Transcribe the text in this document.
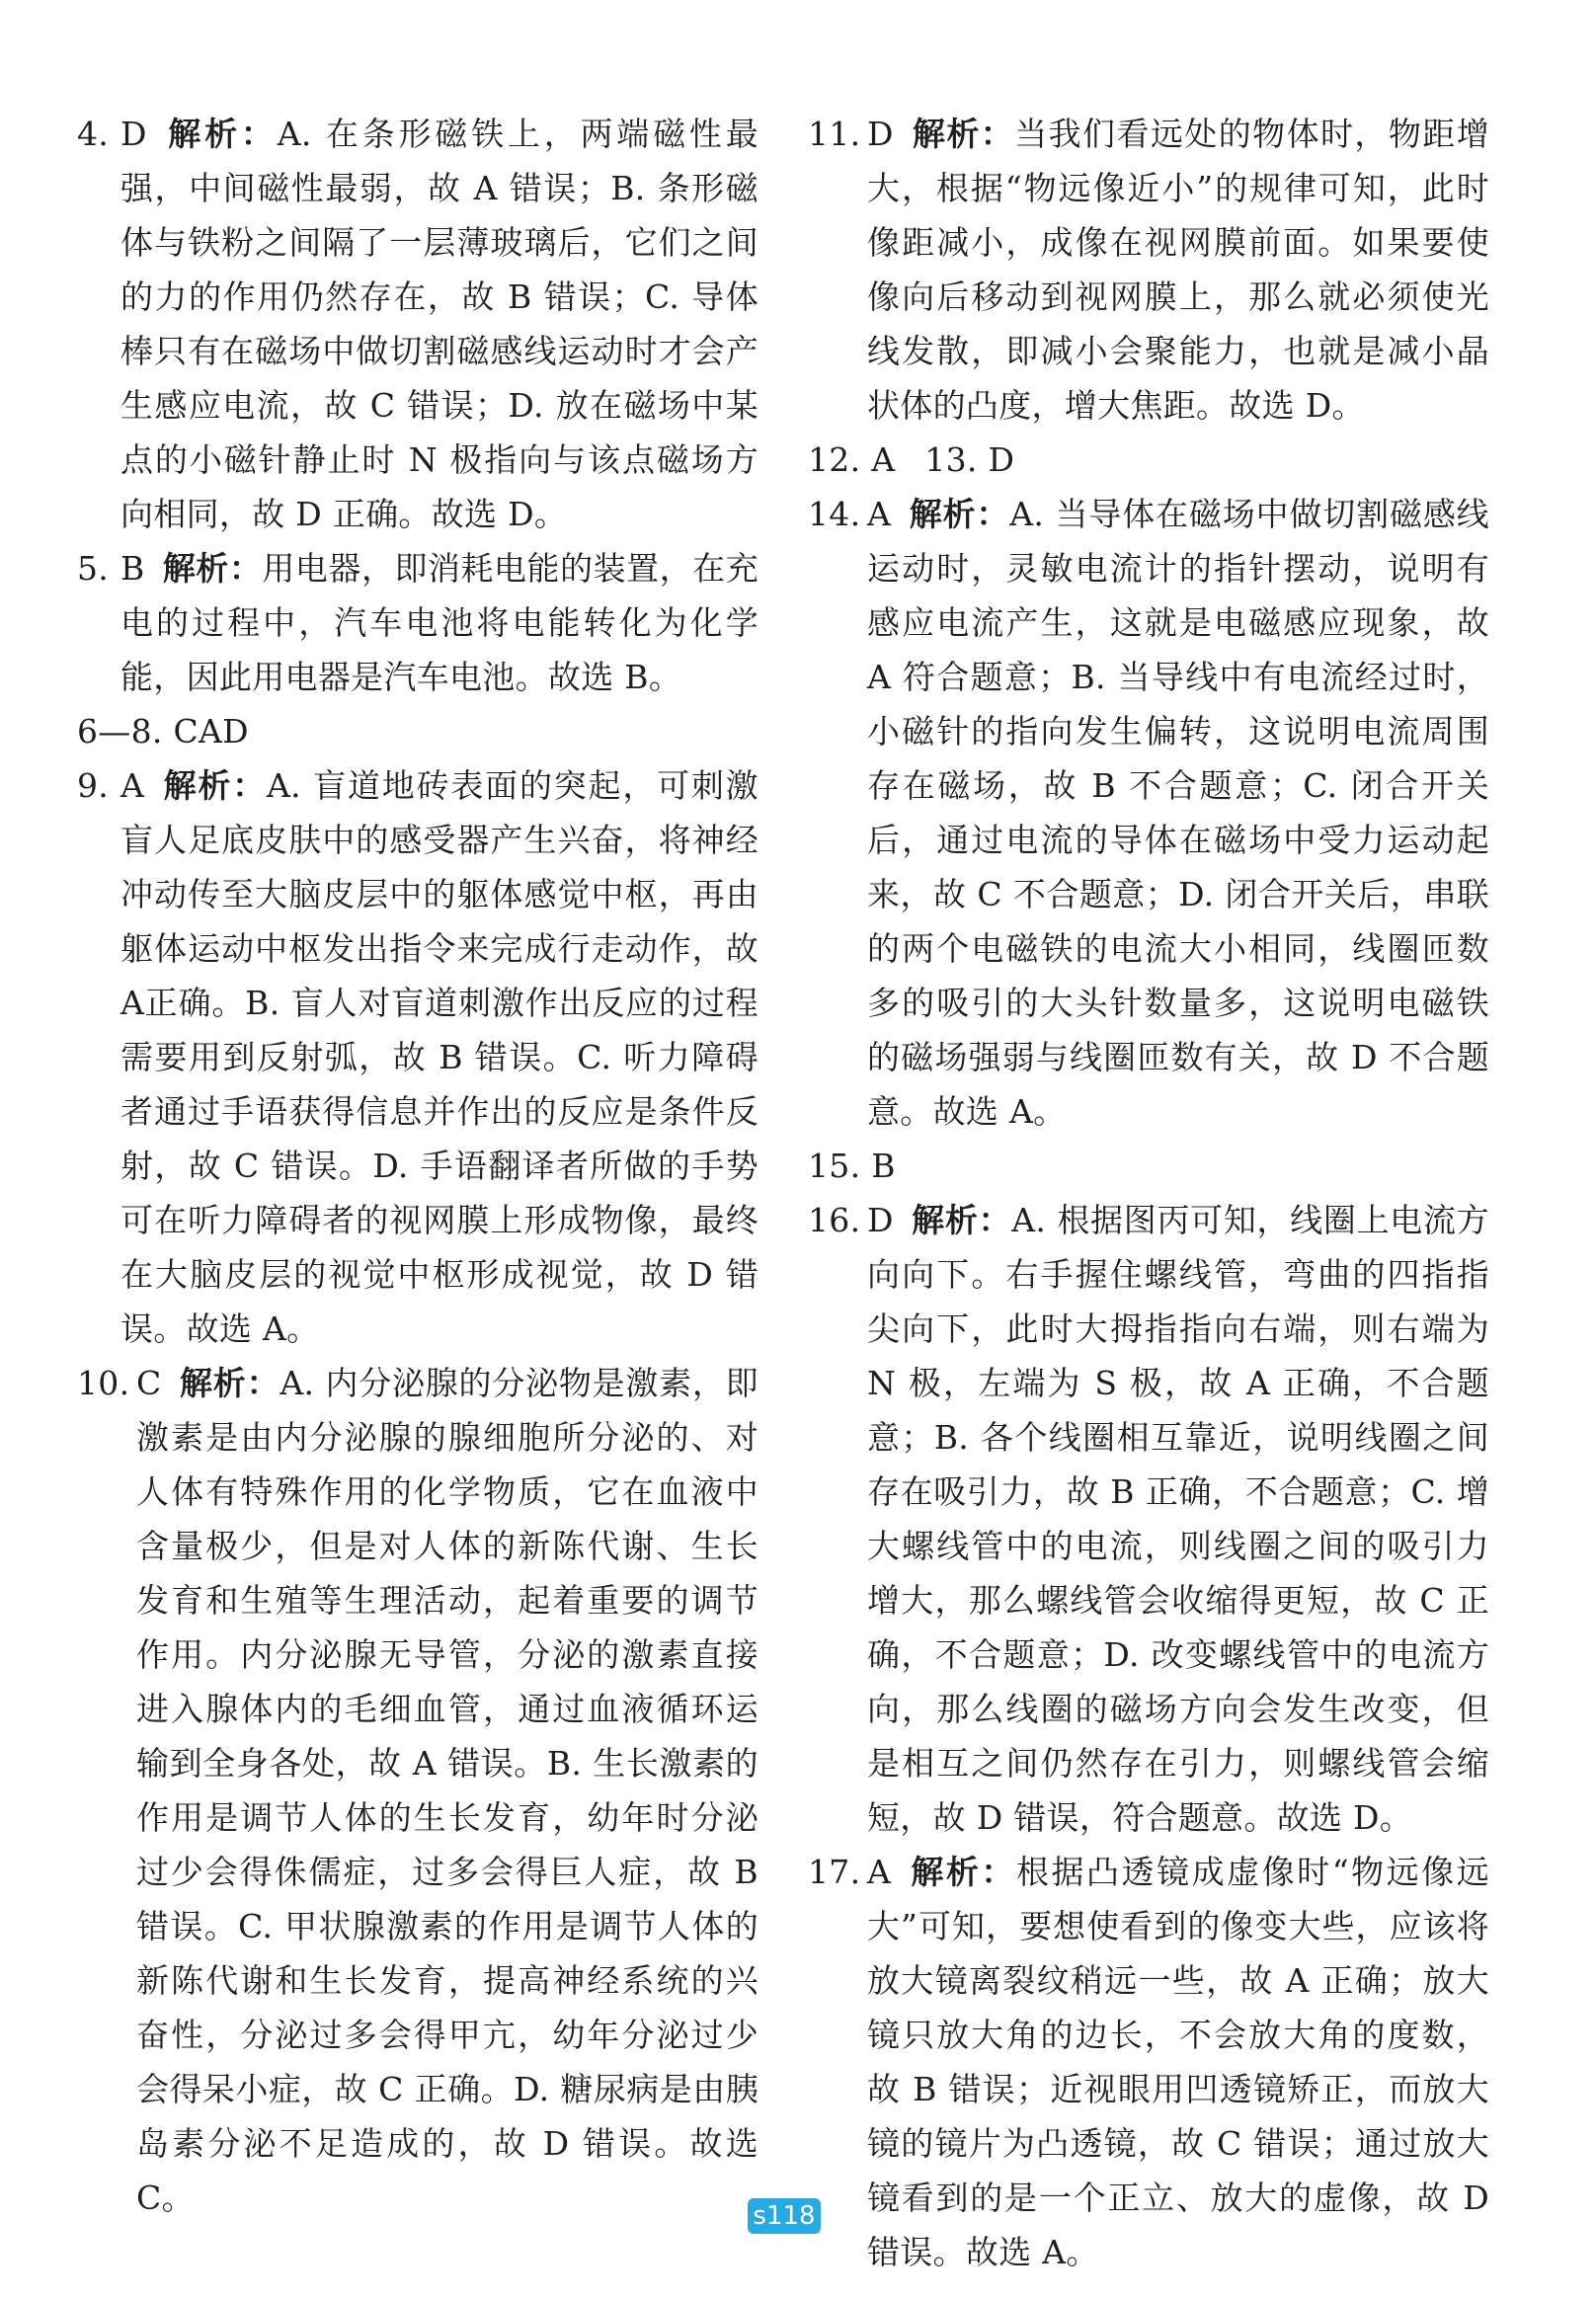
4. D 解析：A. 在条形磁铁上，两端磁性最强，中间磁性最弱，故 A 错误；B. 条形磁体与铁粉之间隔了一层薄玻璃后，它们之间的力的作用仍然存在，故 B 错误；C. 导体棒只有在磁场中做切割磁感线运动时才会产生感应电流，故 C 错误；D. 放在磁场中某点的小磁针静止时 N 极指向与该点磁场方向相同，故 D 正确。故选 D。

5. B 解析：用电器，即消耗电能的装置，在充电的过程中，汽车电池将电能转化为化学能，因此用电器是汽车电池。故选 B。

6—8. CAD

9. A 解析：A. 盲道地砖表面的突起，可刺激盲人足底皮肤中的感受器产生兴奋，将神经冲动传至大脑皮层中的躯体感觉中枢，再由躯体运动中枢发出指令来完成行走动作，故A正确。B. 盲人对盲道刺激作出反应的过程需要用到反射弧，故 B 错误。C. 听力障碍者通过手语获得信息并作出的反应是条件反射，故 C 错误。D. 手语翻译者所做的手势可在听力障碍者的视网膜上形成物像，最终在大脑皮层的视觉中枢形成视觉，故 D 错误。故选 A。

10. C 解析：A. 内分泌腺的分泌物是激素，即激素是由内分泌腺的腺细胞所分泌的、对人体有特殊作用的化学物质，它在血液中含量极少，但是对人体的新陈代谢、生长发育和生殖等生理活动，起着重要的调节作用。内分泌腺无导管，分泌的激素直接进入腺体内的毛细血管，通过血液循环运输到全身各处，故 A 错误。B. 生长激素的作用是调节人体的生长发育，幼年时分泌过少会得侏儒症，过多会得巨人症，故 B 错误。C. 甲状腺激素的作用是调节人体的新陈代谢和生长发育，提高神经系统的兴奋性，分泌过多会得甲亢，幼年分泌过少会得呆小症，故 C 正确。D. 糖尿病是由胰岛素分泌不足造成的，故 D 错误。故选 C。

11. D 解析：当我们看远处的物体时，物距增大，根据“物远像近小”的规律可知，此时像距减小，成像在视网膜前面。如果要使像向后移动到视网膜上，那么就必须使光线发散，即减小会聚能力，也就是减小晶状体的凸度，增大焦距。故选 D。

12. A 13. D

14. A 解析：A. 当导体在磁场中做切割磁感线运动时，灵敏电流计的指针摆动，说明有感应电流产生，这就是电磁感应现象，故 A 符合题意；B. 当导线中有电流经过时，小磁针的指向发生偏转，这说明电流周围存在磁场，故 B 不合题意；C. 闭合开关后，通过电流的导体在磁场中受力运动起来，故 C 不合题意；D. 闭合开关后，串联的两个电磁铁的电流大小相同，线圈匝数多的吸引的大头针数量多，这说明电磁铁的磁场强弱与线圈匝数有关，故 D 不合题意。故选 A。

15. B

16. D 解析：A. 根据图丙可知，线圈上电流方向向下。右手握住螺线管，弯曲的四指指尖向下，此时大拇指指向右端，则右端为 N 极，左端为 S 极，故 A 正确，不合题意；B. 各个线圈相互靠近，说明线圈之间存在吸引力，故 B 正确，不合题意；C. 增大螺线管中的电流，则线圈之间的吸引力增大，那么螺线管会收缩得更短，故 C 正确，不合题意；D. 改变螺线管中的电流方向，那么线圈的磁场方向会发生改变，但是相互之间仍然存在引力，则螺线管会缩短，故 D 错误，符合题意。故选 D。

17. A 解析：根据凸透镜成虚像时“物远像远大”可知，要想使看到的像变大些，应该将放大镜离裂纹稍远一些，故 A 正确；放大镜只放大角的边长，不会放大角的度数，故 B 错误；近视眼用凹透镜矫正，而放大镜的镜片为凸透镜，故 C 错误；通过放大镜看到的是一个正立、放大的虚像，故 D 错误。故选 A。

s118
